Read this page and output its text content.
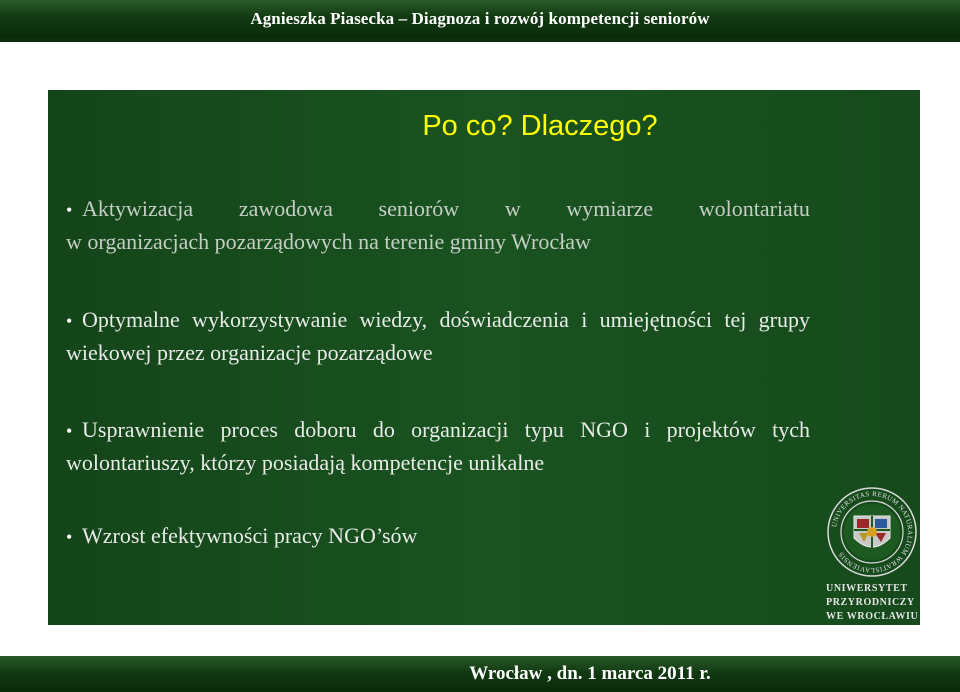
Agnieszka Piasecka – Diagnoza i rozwój kompetencji seniorów
Po co? Dlaczego?
• Aktywizacja zawodowa seniorów w wymiarze wolontariatu
w organizacjach pozarządowych na terenie gminy Wrocław
• Optymalne wykorzystywanie wiedzy, doświadczenia i umiejętności tej grupy wiekowej przez organizacje pozarządowe
• Usprawnienie proces doboru do organizacji typu NGO i projektów tych wolontariuszy, którzy posiadają kompetencje unikalne
• Wzrost efektywności pracy NGO’sów	UNIVERSITAS RERUM NATURALIUM WRATISLAVIENSIS
UNIWERSYTET
PRZYRODNICZY
WE WROCŁAWIU
Wrocław , dn. 1 marca 2011 r.
